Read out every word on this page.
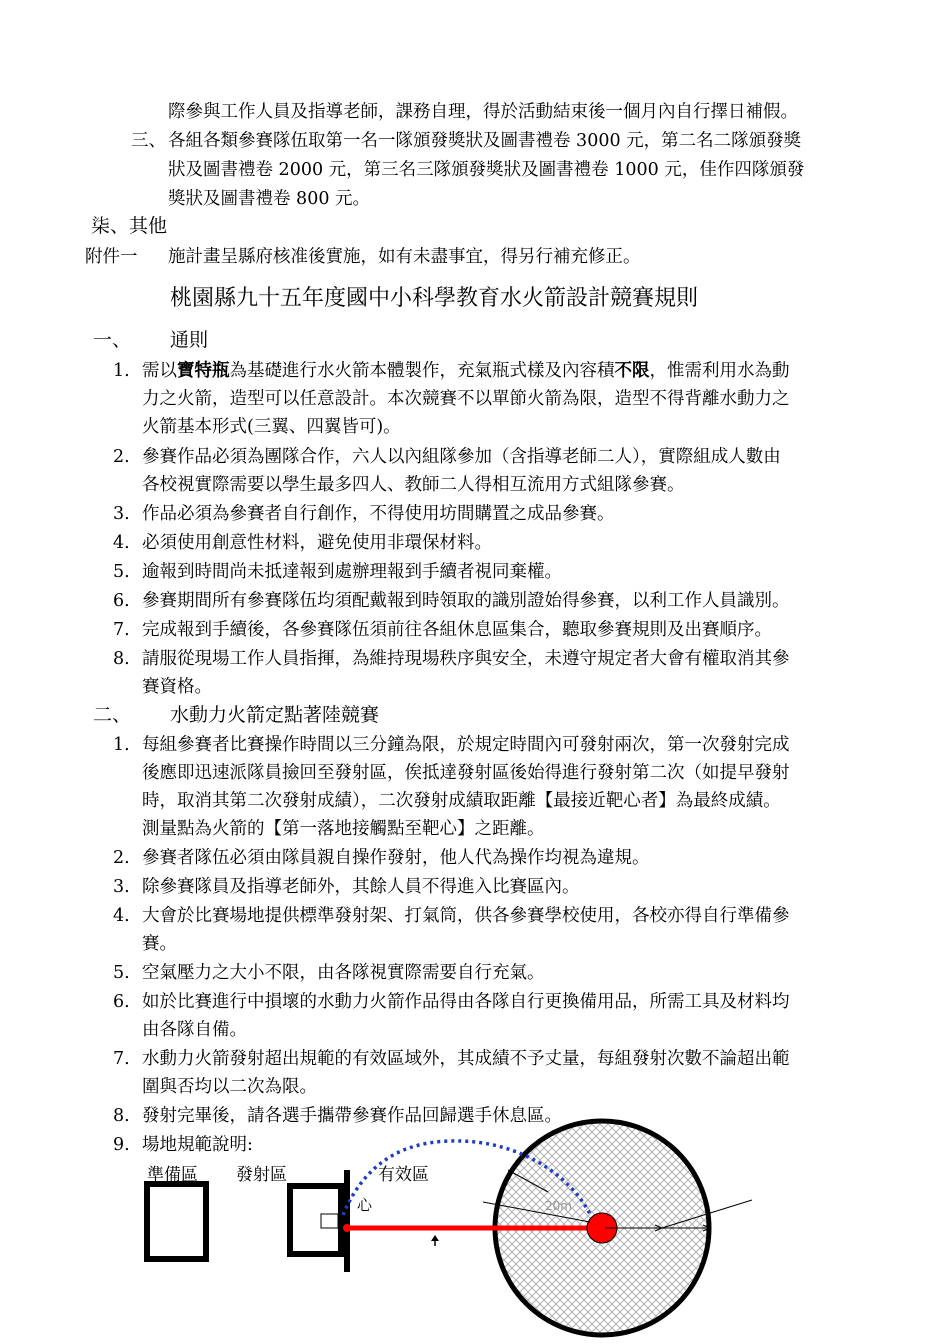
際參與工作人員及指導老師，課務自理，得於活動結束後一個月內自行擇日補假。
三、 各組各類參賽隊伍取第一名一隊頒發獎狀及圖書禮卷 3000 元，第二名二隊頒發獎
狀及圖書禮卷 2000 元，第三名三隊頒發獎狀及圖書禮卷 1000 元，佳作四隊頒發
獎狀及圖書禮卷 800 元。
柒、其他
附件一 施計畫呈縣府核准後實施，如有未盡事宜，得另行補充修正。
桃園縣九十五年度國中小科學教育水火箭設計競賽規則
一、 通則
1. 需以寶特瓶為基礎進行水火箭本體製作，充氣瓶式樣及內容積不限，惟需利用水為動
力之火箭，造型可以任意設計。本次競賽不以單節火箭為限，造型不得背離水動力之
火箭基本形式(三翼、四翼皆可)。
2. 參賽作品必須為團隊合作，六人以內組隊參加（含指導老師二人），實際組成人數由
各校視實際需要以學生最多四人、教師二人得相互流用方式組隊參賽。
3. 作品必須為參賽者自行創作，不得使用坊間購置之成品參賽。
4. 必須使用創意性材料，避免使用非環保材料。
5. 逾報到時間尚未抵達報到處辦理報到手續者視同棄權。
6. 參賽期間所有參賽隊伍均須配戴報到時領取的識別證始得參賽，以利工作人員識別。
7. 完成報到手續後，各參賽隊伍須前往各組休息區集合，聽取參賽規則及出賽順序。
8. 請服從現場工作人員指揮，為維持現場秩序與安全，未遵守規定者大會有權取消其參
賽資格。
二、 水動力火箭定點著陸競賽
1. 每組參賽者比賽操作時間以三分鐘為限，於規定時間內可發射兩次，第一次發射完成
後應即迅速派隊員撿回至發射區，俟抵達發射區後始得進行發射第二次（如提早發射
時，取消其第二次發射成績），二次發射成績取距離【最接近靶心者】為最終成績。
測量點為火箭的【第一落地接觸點至靶心】之距離。
2. 參賽者隊伍必須由隊員親自操作發射，他人代為操作均視為違規。
3. 除參賽隊員及指導老師外，其餘人員不得進入比賽區內。
4. 大會於比賽場地提供標準發射架、打氣筒，供各參賽學校使用，各校亦得自行準備參
賽。
5. 空氣壓力之大小不限，由各隊視實際需要自行充氣。
6. 如於比賽進行中損壞的水動力火箭作品得由各隊自行更換備用品，所需工具及材料均
由各隊自備。
7. 水動力火箭發射超出規範的有效區域外，其成績不予丈量，每組發射次數不論超出範
圍與否均以二次為限。
8. 發射完畢後，請各選手攜帶參賽作品回歸選手休息區。
9. 場地規範說明:
準備區 發射區	有效區
心	20m
